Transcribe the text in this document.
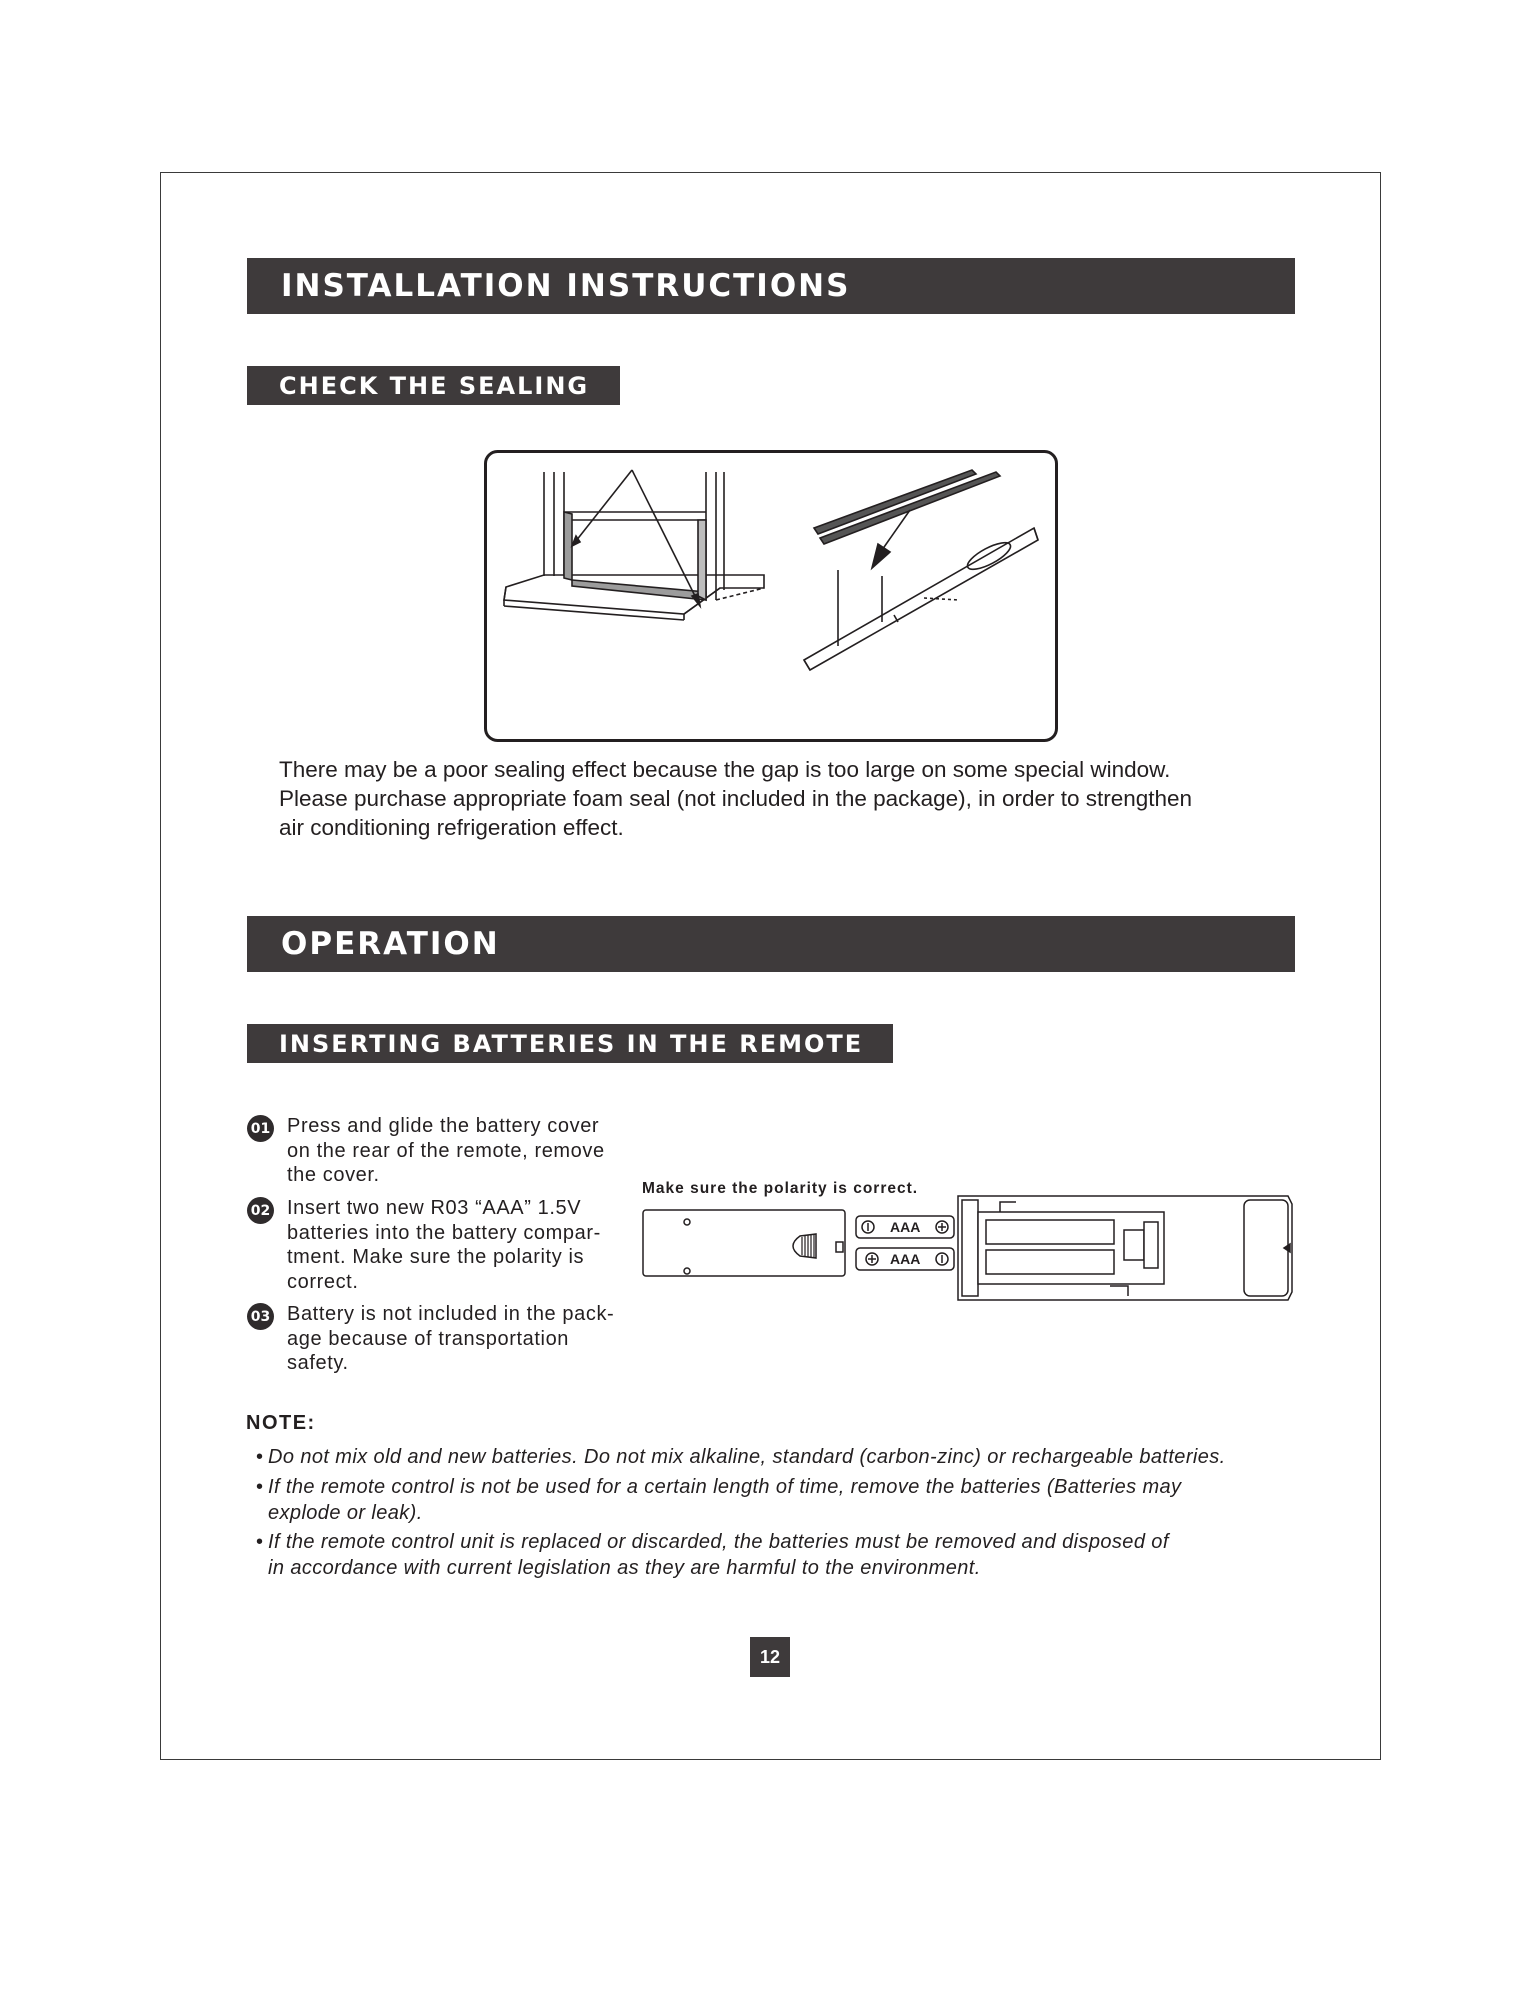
INSTALLATION INSTRUCTIONS
CHECK THE SEALING
There may be a poor sealing effect because the gap is too large on some special window.
Please purchase appropriate foam seal (not included in the package), in order to strengthen
air conditioning refrigeration effect.
OPERATION
INSERTING BATTERIES IN THE REMOTE
01 Press and glide the battery cover
on the rear of the remote, remove
the cover.
02 Insert two new R03 “AAA” 1.5V
batteries into the battery compar-
tment. Make sure the polarity is
correct.
03 Battery is not included in the pack-
age because of transportation
safety.
Make sure the polarity is correct.
AAA
AAA
NOTE:
• Do not mix old and new batteries. Do not mix alkaline, standard (carbon-zinc) or rechargeable batteries.
• If the remote control is not be used for a certain length of time, remove the batteries (Batteries may
explode or leak).
• If the remote control unit is replaced or discarded, the batteries must be removed and disposed of
in accordance with current legislation as they are harmful to the environment.
12
